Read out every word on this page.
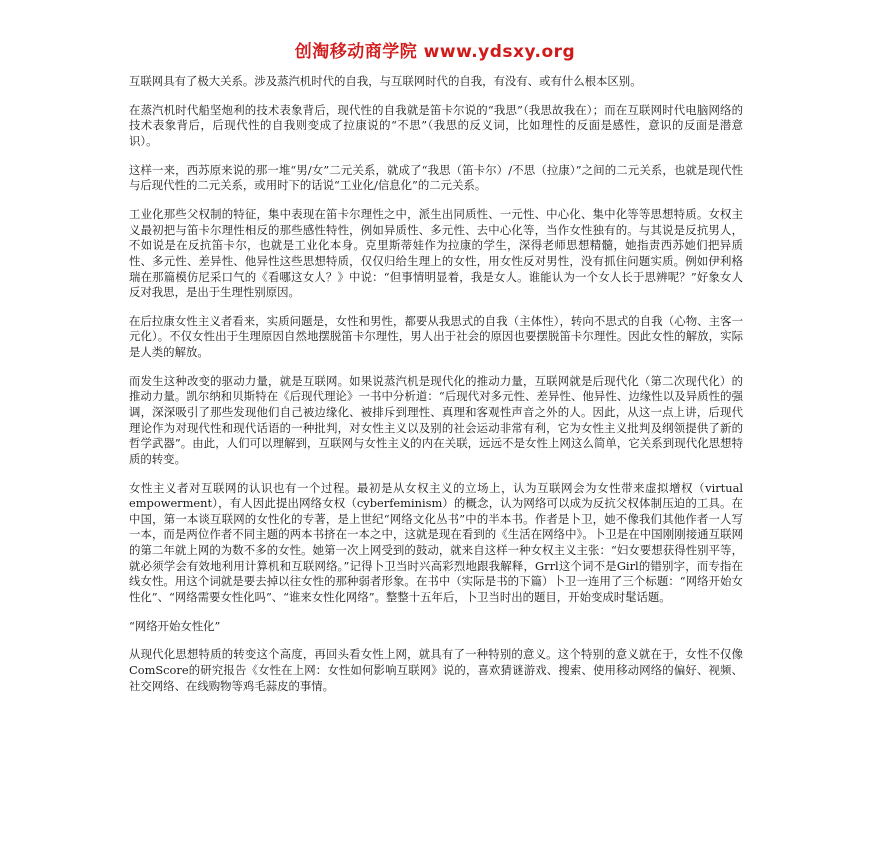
创淘移动商学院 www.ydsxy.org

互联网具有了极大关系。涉及蒸汽机时代的自我，与互联网时代的自我，有没有、或有什么根本区别。

在蒸汽机时代船坚炮利的技术表象背后，现代性的自我就是笛卡尔说的“我思”（我思故我在）；而在互联网时代电脑网络的技术表象背后，后现代性的自我则变成了拉康说的“不思”（我思的反义词，比如理性的反面是感性，意识的反面是潜意识）。

这样一来，西苏原来说的那一堆“男/女”二元关系，就成了“我思（笛卡尔）/不思（拉康）”之间的二元关系，也就是现代性与后现代性的二元关系，或用时下的话说“工业化/信息化”的二元关系。

工业化那些父权制的特征，集中表现在笛卡尔理性之中，派生出同质性、一元性、中心化、集中化等等思想特质。女权主义最初把与笛卡尔理性相反的那些感性特性，例如异质性、多元性、去中心化等，当作女性独有的。与其说是反抗男人，不如说是在反抗笛卡尔，也就是工业化本身。克里斯蒂娃作为拉康的学生，深得老师思想精髓，她指责西苏她们把异质性、多元性、差异性、他异性这些思想特质，仅仅归给生理上的女性，用女性反对男性，没有抓住问题实质。例如伊利格瑞在那篇模仿尼采口气的《看哪这女人？》中说：“但事情明显着，我是女人。谁能认为一个女人长于思辨呢？”好象女人反对我思，是出于生理性别原因。

在后拉康女性主义者看来，实质问题是，女性和男性，都要从我思式的自我（主体性），转向不思式的自我（心物、主客一元化）。不仅女性出于生理原因自然地摆脱笛卡尔理性，男人出于社会的原因也要摆脱笛卡尔理性。因此女性的解放，实际是人类的解放。

而发生这种改变的驱动力量，就是互联网。如果说蒸汽机是现代化的推动力量，互联网就是后现代化（第二次现代化）的推动力量。凯尔纳和贝斯特在《后现代理论》一书中分析道：“后现代对多元性、差异性、他异性、边缘性以及异质性的强调，深深吸引了那些发现他们自己被边缘化、被排斥到理性、真理和客观性声音之外的人。因此，从这一点上讲，后现代理论作为对现代性和现代话语的一种批判，对女性主义以及别的社会运动非常有利，它为女性主义批判及纲领提供了新的哲学武器”。由此，人们可以理解到，互联网与女性主义的内在关联，远远不是女性上网这么简单，它关系到现代化思想特质的转变。

女性主义者对互联网的认识也有一个过程。最初是从女权主义的立场上，认为互联网会为女性带来虚拟增权（virtual empowerment），有人因此提出网络女权（cyberfeminism）的概念，认为网络可以成为反抗父权体制压迫的工具。在中国，第一本谈互联网的女性化的专著，是上世纪“网络文化丛书”中的半本书。作者是卜卫，她不像我们其他作者一人写一本，而是两位作者不同主题的两本书挤在一本之中，这就是现在看到的《生活在网络中》。卜卫是在中国刚刚接通互联网的第二年就上网的为数不多的女性。她第一次上网受到的鼓动，就来自这样一种女权主义主张：“妇女要想获得性别平等，就必须学会有效地利用计算机和互联网络。”记得卜卫当时兴高彩烈地跟我解释，Grrl这个词不是Girl的错别字，而专指在线女性。用这个词就是要去掉以往女性的那种弱者形象。在书中（实际是书的下篇）卜卫一连用了三个标题：“网络开始女性化”、“网络需要女性化吗”、“谁来女性化网络”。整整十五年后，卜卫当时出的题目，开始变成时髦话题。

“网络开始女性化”

从现代化思想特质的转变这个高度，再回头看女性上网，就具有了一种特别的意义。这个特别的意义就在于，女性不仅像ComScore的研究报告《女性在上网：女性如何影响互联网》说的，喜欢猜谜游戏、搜索、使用移动网络的偏好、视频、社交网络、在线购物等鸡毛蒜皮的事情。
